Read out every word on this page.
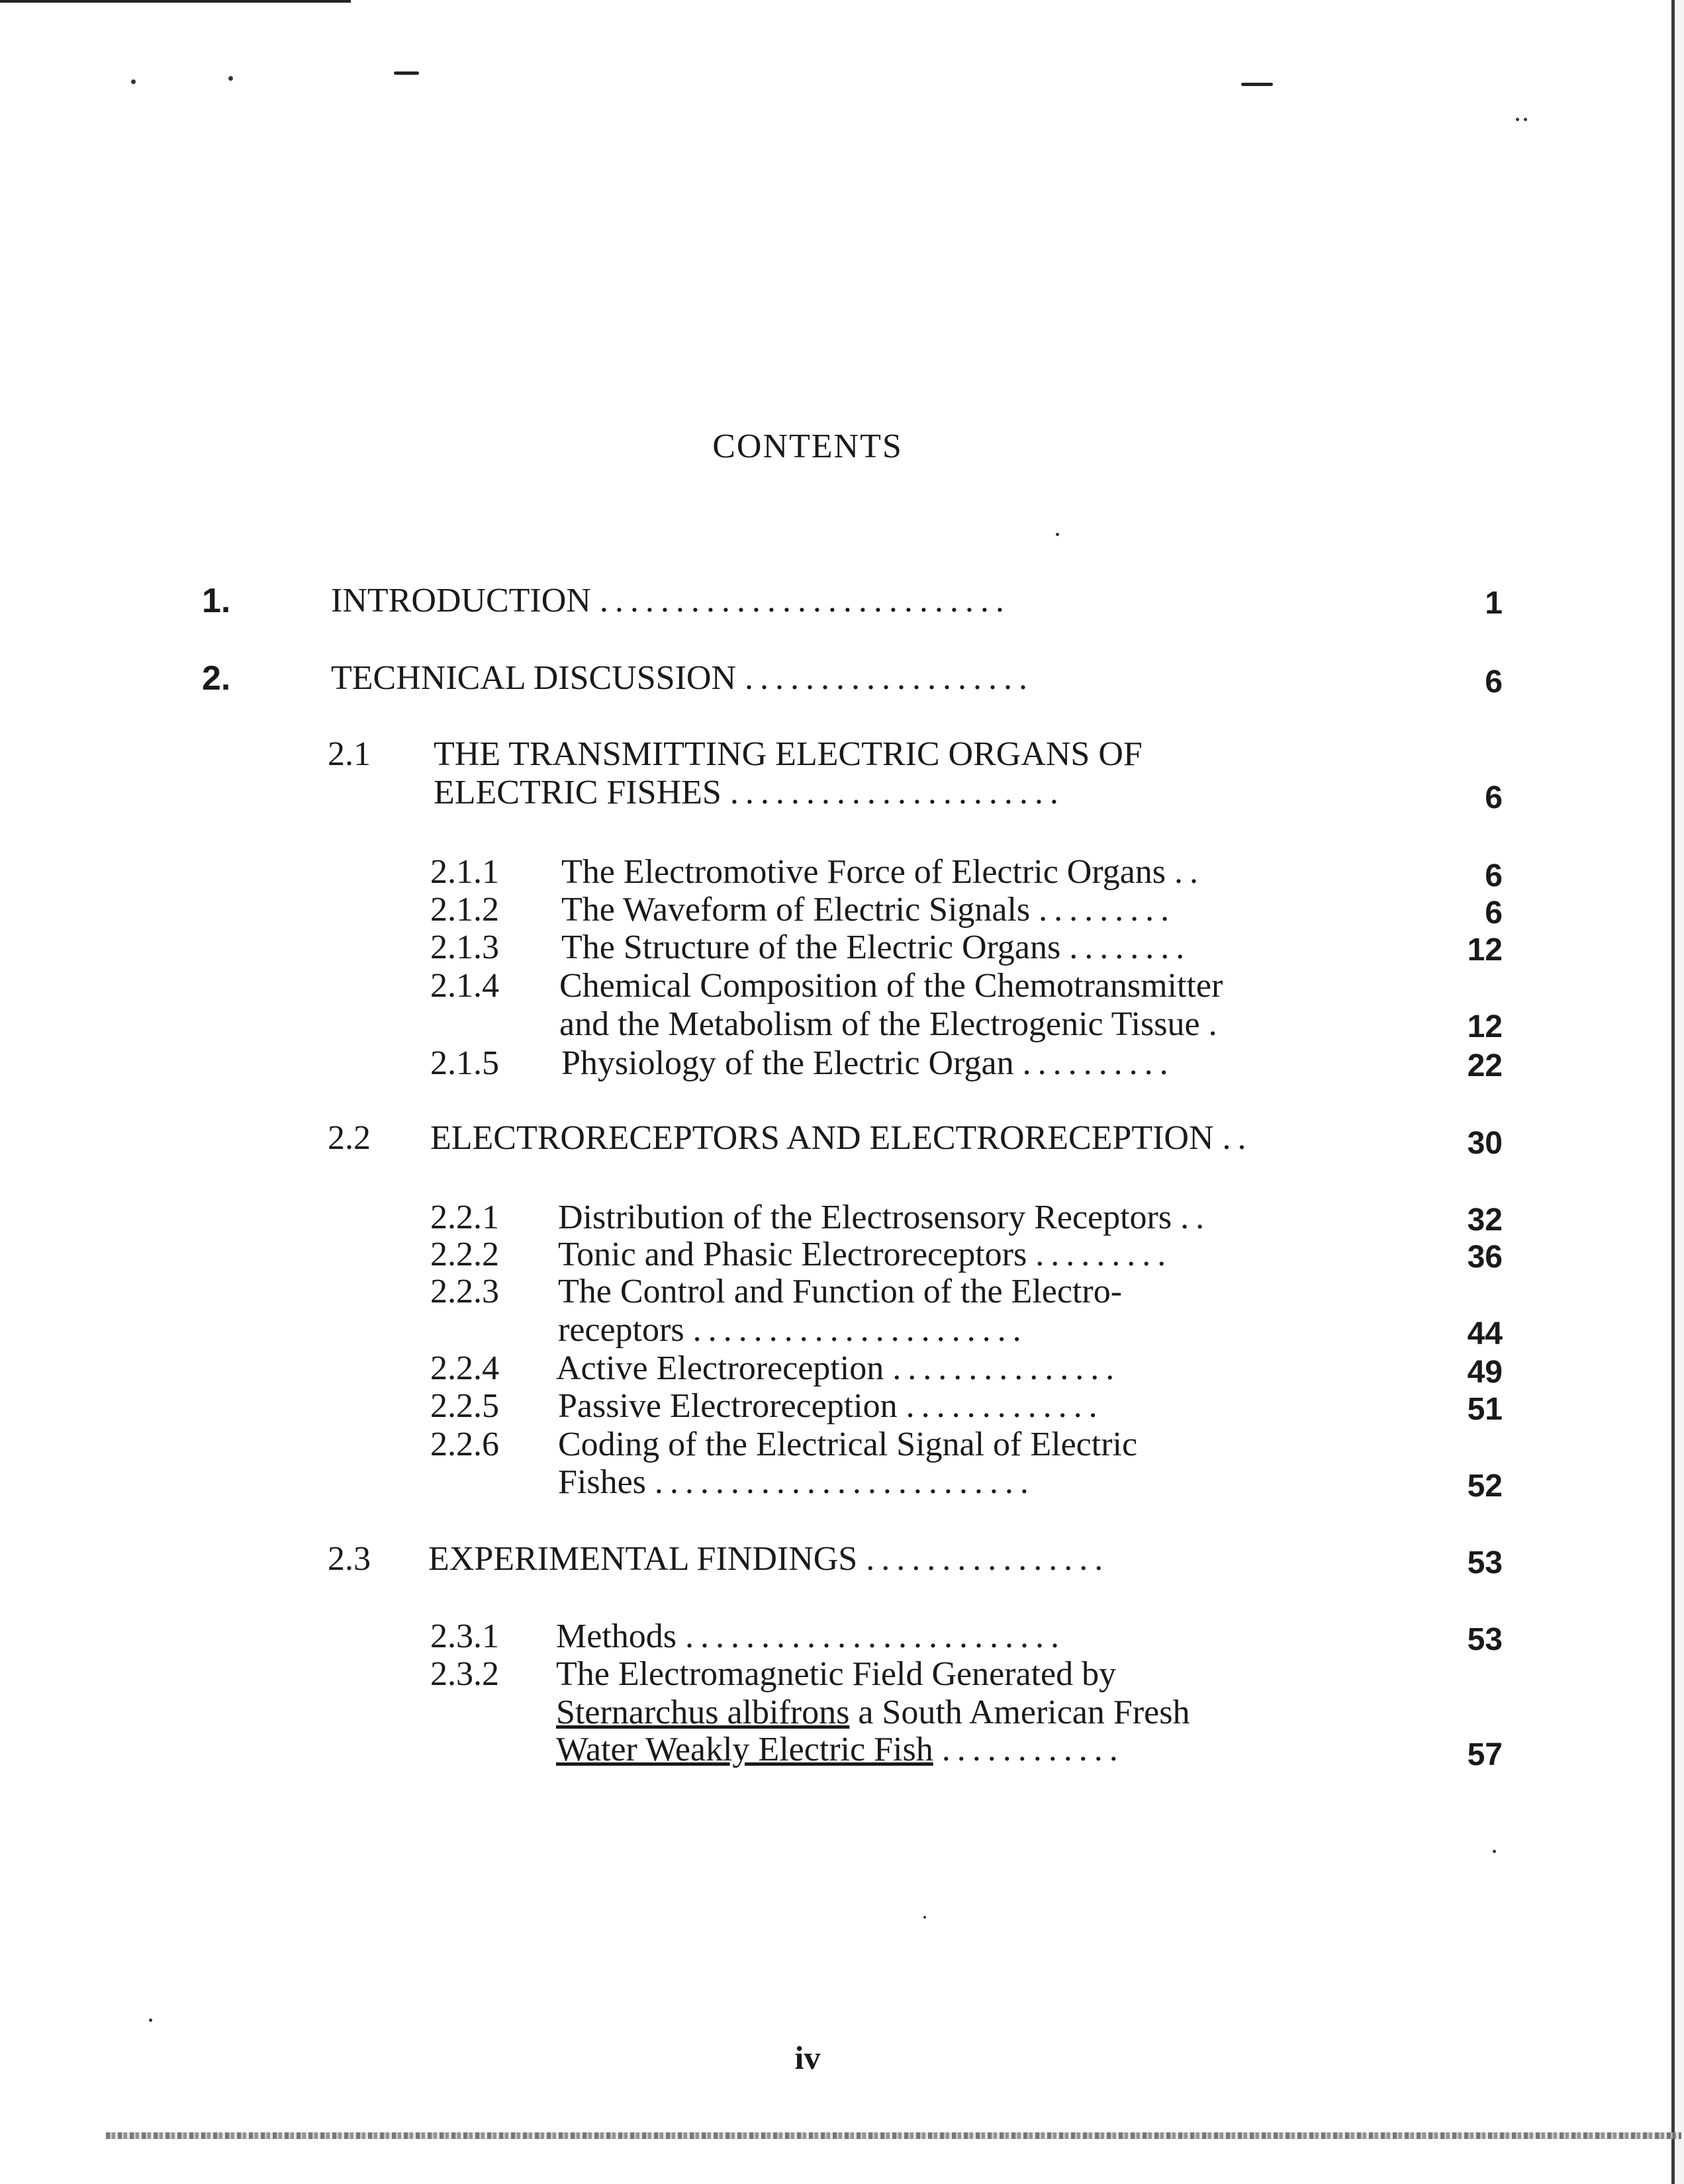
CONTENTS
1.	INTRODUCTION ...........................	1
2.	TECHNICAL DISCUSSION ...................	6
2.1 THE TRANSMITTING ELECTRIC ORGANS OF
ELECTRIC FISHES ......................	6
2.1.1 The Electromotive Force of Electric Organs ..	6
2.1.2 The Waveform of Electric Signals .........	6
2.1.3 The Structure of the Electric Organs ........	12
2.1.4 Chemical Composition of the Chemotransmitter
and the Metabolism of the Electrogenic Tissue .	12
2.1.5 Physiology of the Electric Organ ..........	22
2.2 ELECTRORECEPTORS AND ELECTRORECEPTION ..	30
2.2.1 Distribution of the Electrosensory Receptors ..	32
2.2.2 Tonic and Phasic Electroreceptors .........	36
2.2.3 The Control and Function of the Electro-
receptors ......................	44
2.2.4 Active Electroreception ...............	49
2.2.5 Passive Electroreception .............	51
2.2.6 Coding of the Electrical Signal of Electric
Fishes .........................	52
2.3 EXPERIMENTAL FINDINGS ................	53
2.3.1 Methods .........................	53
2.3.2 The Electromagnetic Field Generated by
Sternarchus albifrons a South American Fresh
Water Weakly Electric Fish ............	57
iv
